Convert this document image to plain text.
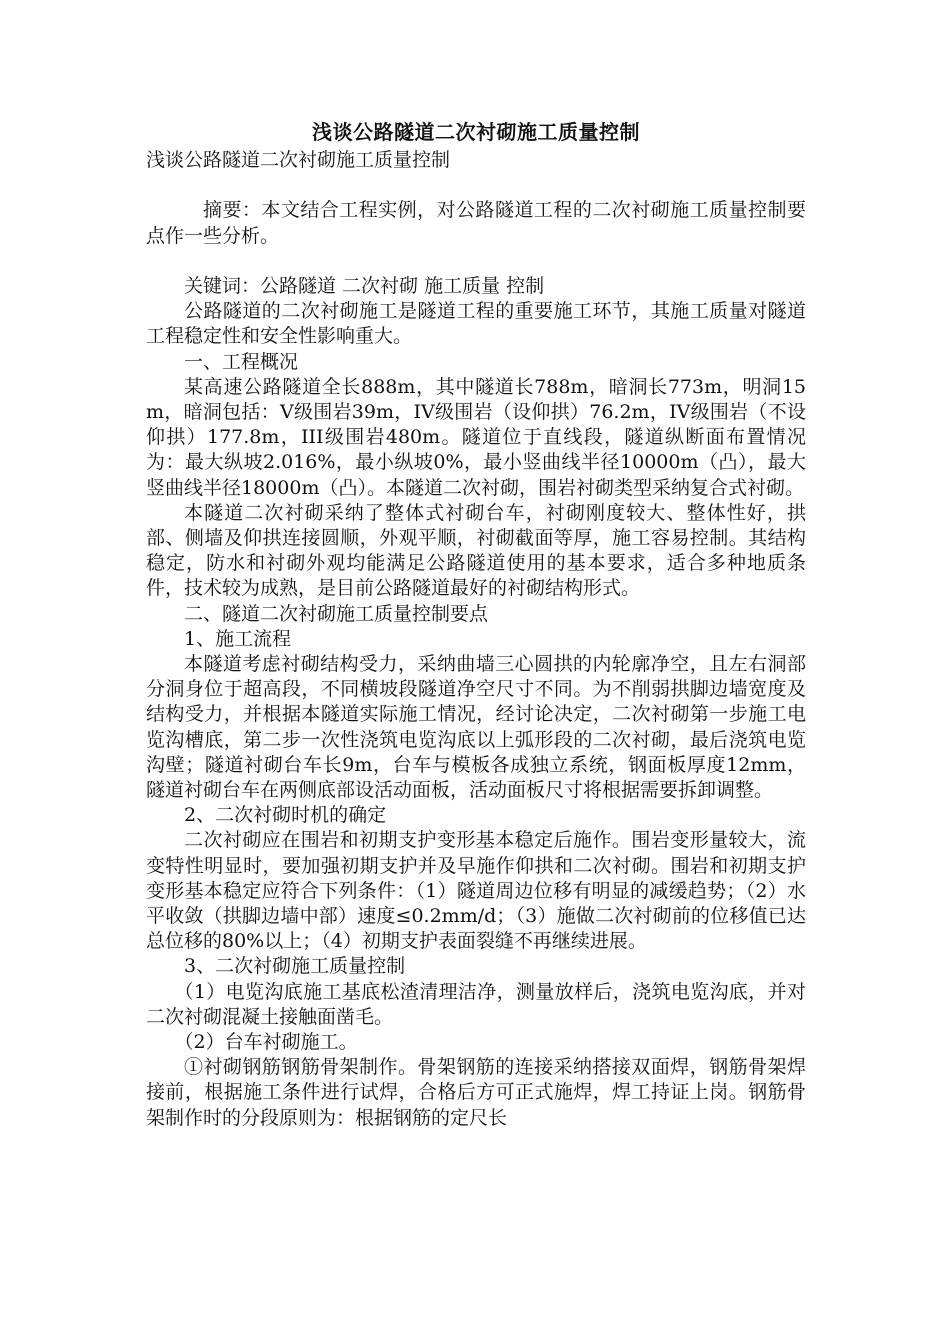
浅谈公路隧道二次衬砌施工质量控制

浅谈公路隧道二次衬砌施工质量控制

摘要：本文结合工程实例，对公路隧道工程的二次衬砌施工质量控制要点作一些分析。

关键词：公路隧道 二次衬砌 施工质量 控制

公路隧道的二次衬砌施工是隧道工程的重要施工环节，其施工质量对隧道工程稳定性和安全性影响重大。

一、工程概况

某高速公路隧道全长888m，其中隧道长788m，暗洞长773m，明洞15m，暗洞包括：V级围岩39m，IV级围岩（设仰拱）76.2m，IV级围岩（不设仰拱）177.8m，III级围岩480m。隧道位于直线段，隧道纵断面布置情况为：最大纵坡2.016%，最小纵坡0%，最小竖曲线半径10000m（凸），最大竖曲线半径18000m（凸）。本隧道二次衬砌，围岩衬砌类型采纳复合式衬砌。

本隧道二次衬砌采纳了整体式衬砌台车，衬砌刚度较大、整体性好，拱部、侧墙及仰拱连接圆顺，外观平顺，衬砌截面等厚，施工容易控制。其结构稳定，防水和衬砌外观均能满足公路隧道使用的基本要求，适合多种地质条件，技术较为成熟，是目前公路隧道最好的衬砌结构形式。

二、隧道二次衬砌施工质量控制要点

1、施工流程

本隧道考虑衬砌结构受力，采纳曲墙三心圆拱的内轮廓净空，且左右洞部分洞身位于超高段，不同横坡段隧道净空尺寸不同。为不削弱拱脚边墙宽度及结构受力，并根据本隧道实际施工情况，经讨论决定，二次衬砌第一步施工电览沟槽底，第二步一次性浇筑电览沟底以上弧形段的二次衬砌，最后浇筑电览沟壁；隧道衬砌台车长9m，台车与模板各成独立系统，钢面板厚度12mm，隧道衬砌台车在两侧底部设活动面板，活动面板尺寸将根据需要拆卸调整。

2、二次衬砌时机的确定

二次衬砌应在围岩和初期支护变形基本稳定后施作。围岩变形量较大，流变特性明显时，要加强初期支护并及早施作仰拱和二次衬砌。围岩和初期支护变形基本稳定应符合下列条件：（1）隧道周边位移有明显的减缓趋势；（2）水平收敛（拱脚边墙中部）速度≤0.2mm/d；（3）施做二次衬砌前的位移值已达总位移的80%以上；（4）初期支护表面裂缝不再继续进展。

3、二次衬砌施工质量控制

（1）电览沟底施工基底松渣清理洁净，测量放样后，浇筑电览沟底，并对二次衬砌混凝土接触面凿毛。

（2）台车衬砌施工。

①衬砌钢筋钢筋骨架制作。骨架钢筋的连接采纳搭接双面焊，钢筋骨架焊接前，根据施工条件进行试焊，合格后方可正式施焊，焊工持证上岗。钢筋骨架制作时的分段原则为：根据钢筋的定尺长
